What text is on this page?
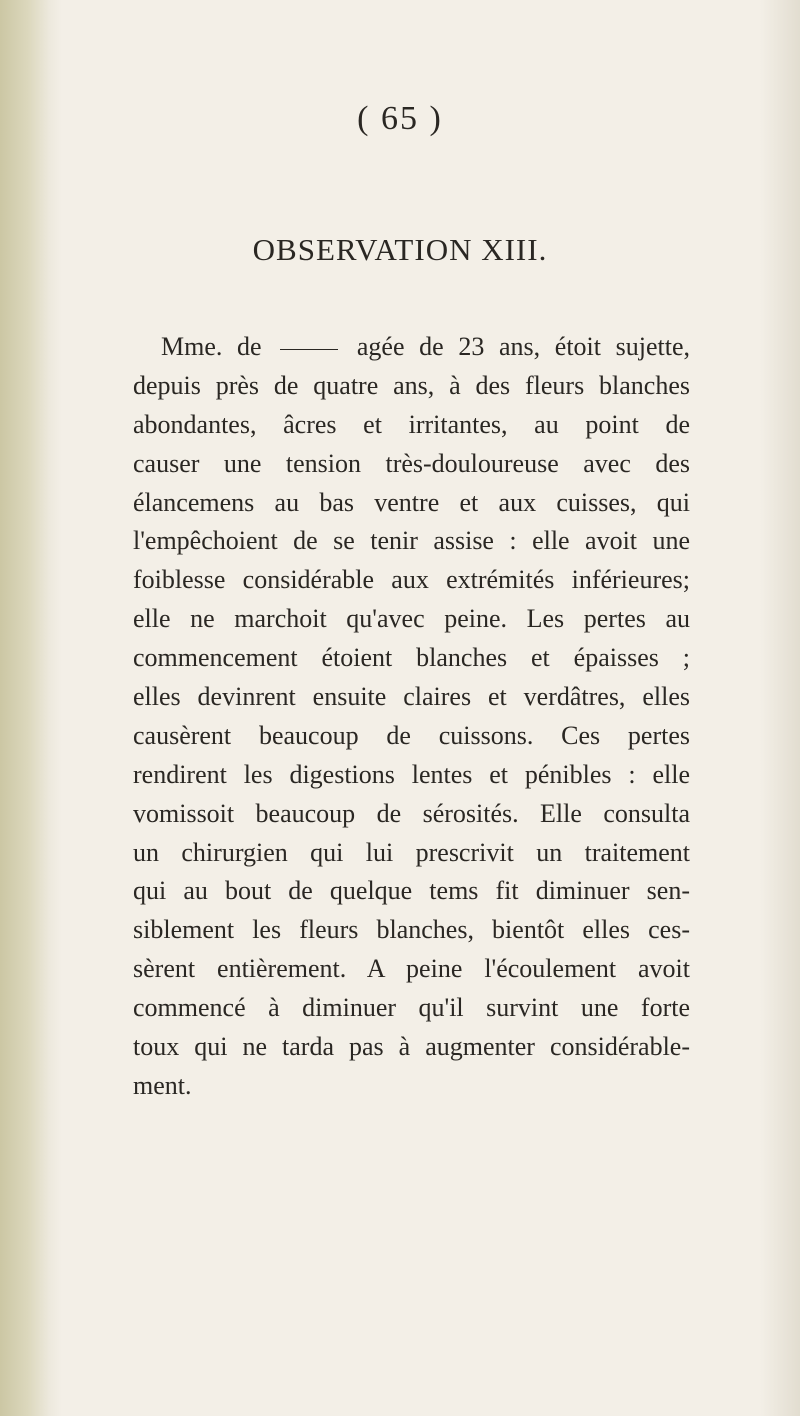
( 65 )
OBSERVATION XIII.
Mme. de	agée de 23 ans, étoit sujette,
depuis près de quatre ans, à des fleurs blanches
abondantes, âcres et irritantes, au point de
causer une tension très-douloureuse avec des
élancemens au bas ventre et aux cuisses, qui
l'empêchoient de se tenir assise : elle avoit une
foiblesse considérable aux extrémités inférieures;
elle ne marchoit qu'avec peine. Les pertes au
commencement étoient blanches et épaisses ;
elles devinrent ensuite claires et verdâtres, elles
causèrent beaucoup de cuissons. Ces pertes
rendirent les digestions lentes et pénibles : elle
vomissoit beaucoup de sérosités. Elle consulta
un chirurgien qui lui prescrivit un traitement
qui au bout de quelque tems fit diminuer sen-
siblement les fleurs blanches, bientôt elles ces-
sèrent entièrement. A peine l'écoulement avoit
commencé à diminuer qu'il survint une forte
toux qui ne tarda pas à augmenter considérable-
ment.
